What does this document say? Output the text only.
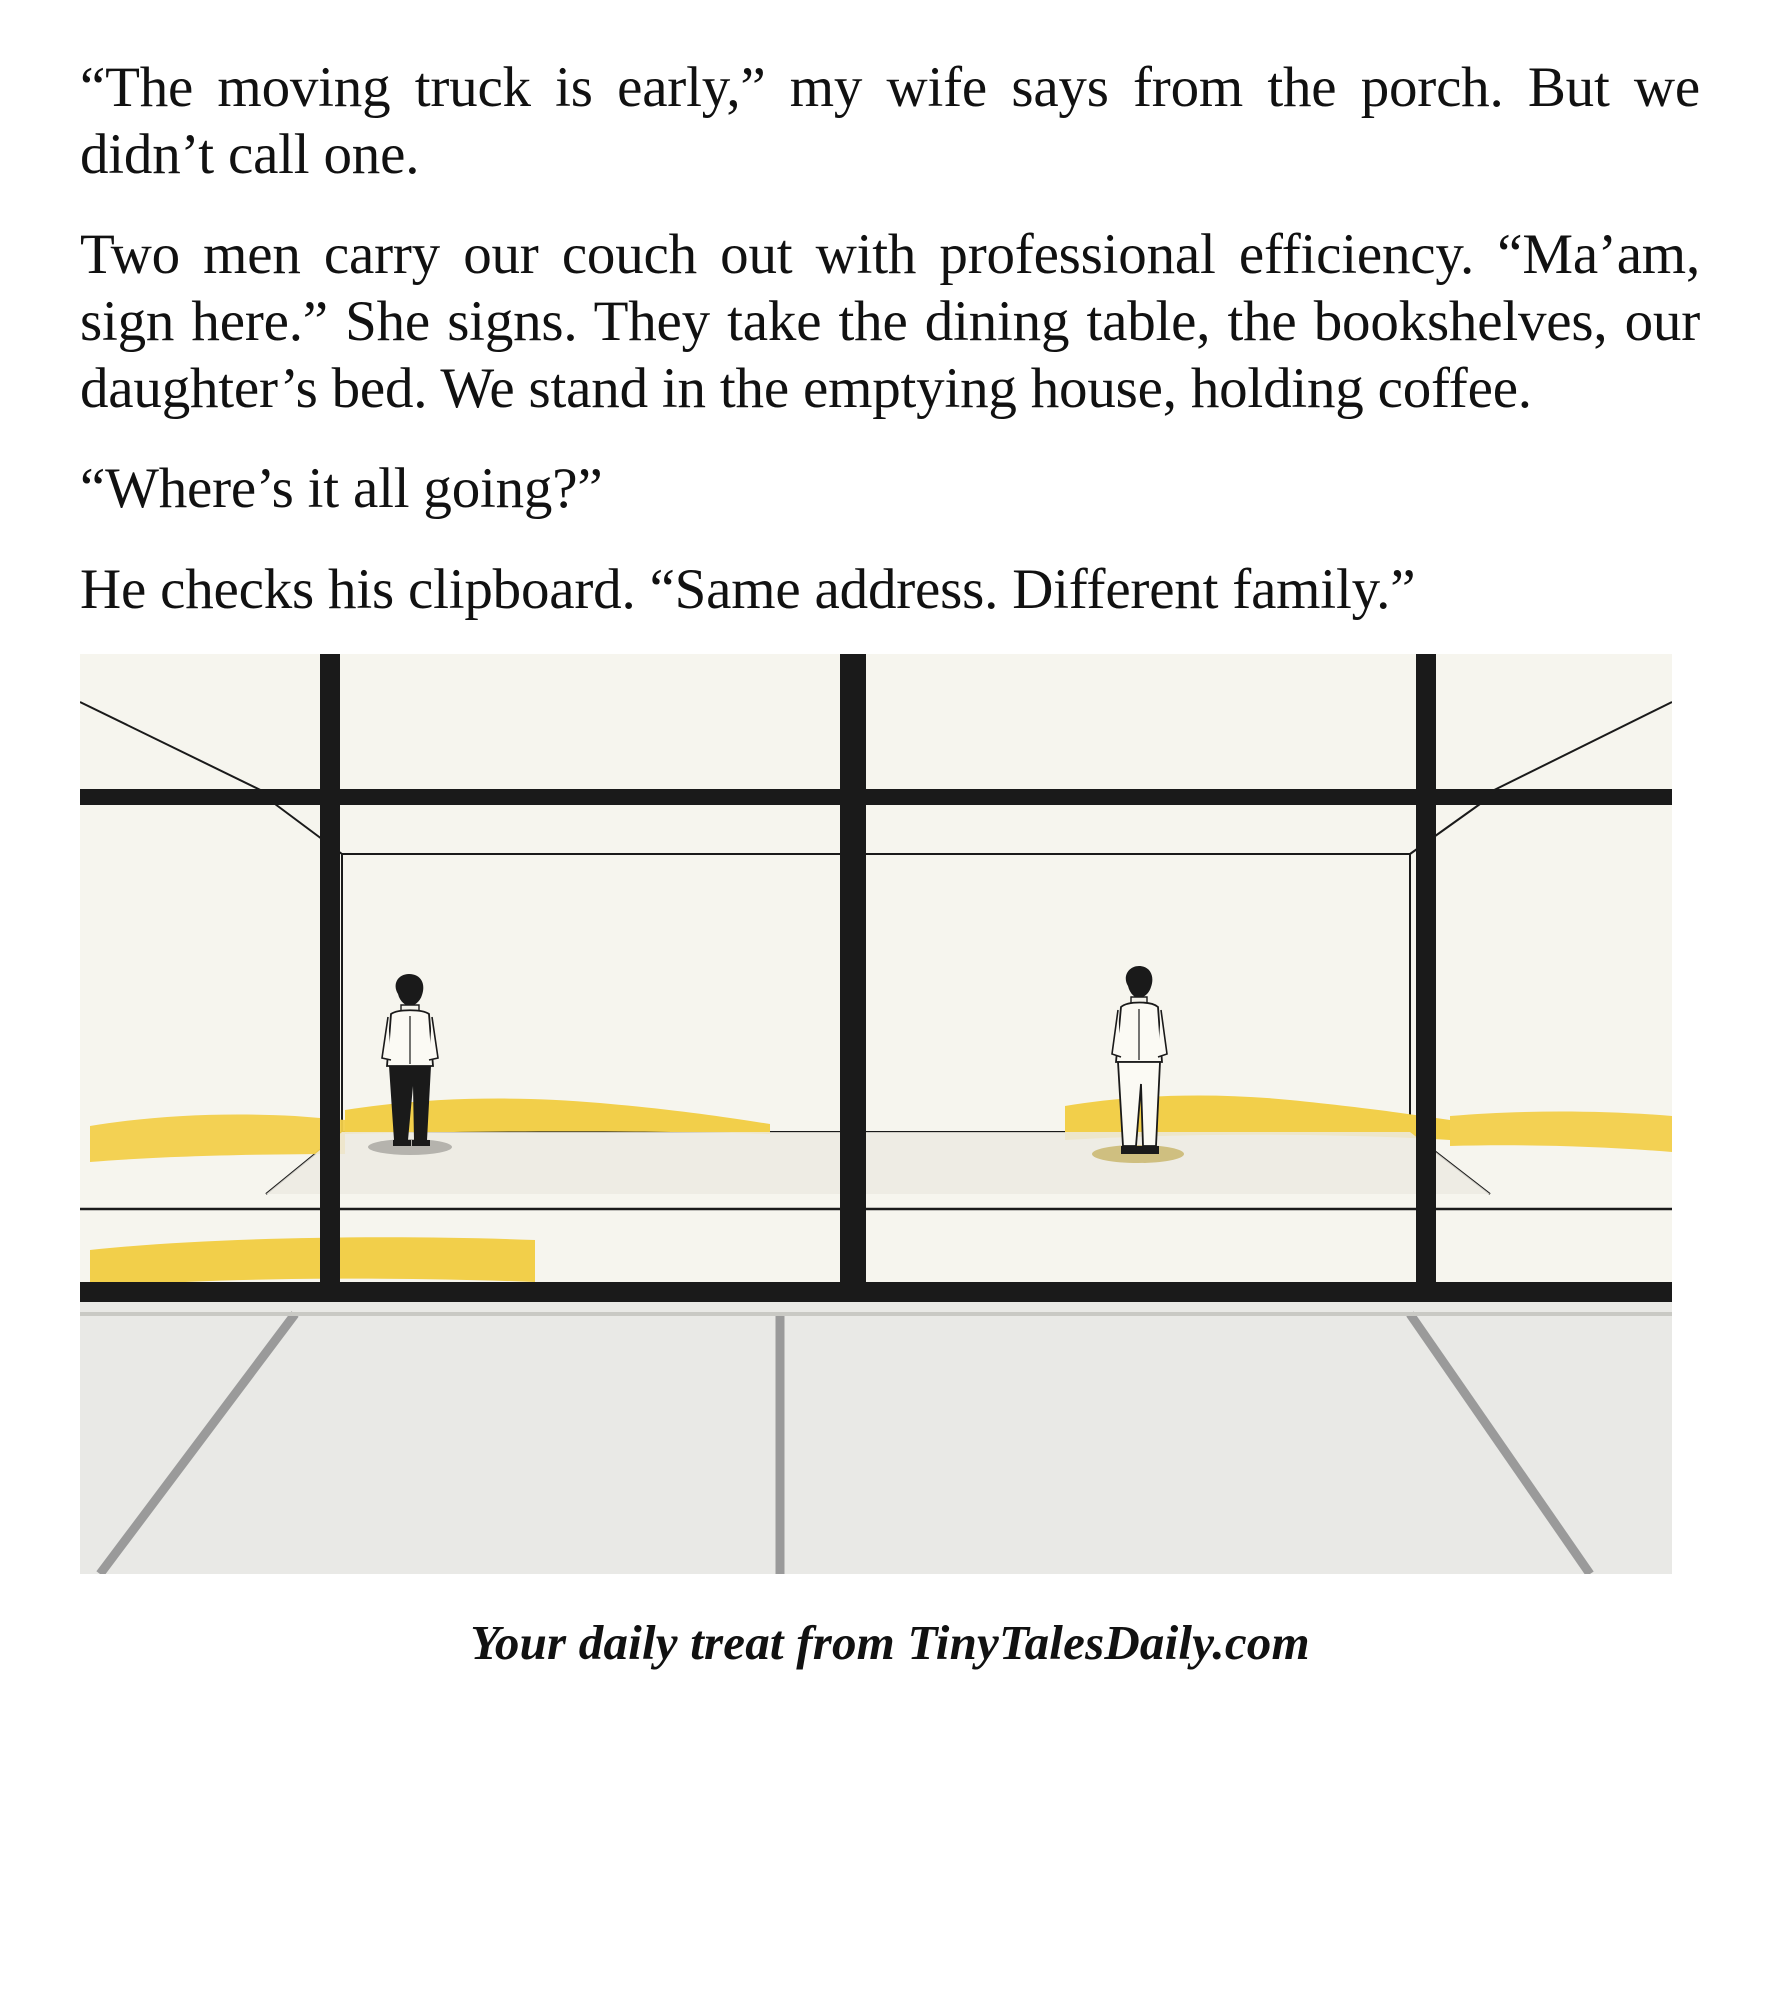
“The moving truck is early,” my wife says from the porch. But we didn’t call one.

Two men carry our couch out with professional efficiency. “Ma’am, sign here.” She signs. They take the dining table, the bookshelves, our daughter’s bed. We stand in the emptying house, holding coffee.

“Where’s it all going?”

He checks his clipboard. “Same address. Different family.”

Your daily treat from TinyTalesDaily.com
